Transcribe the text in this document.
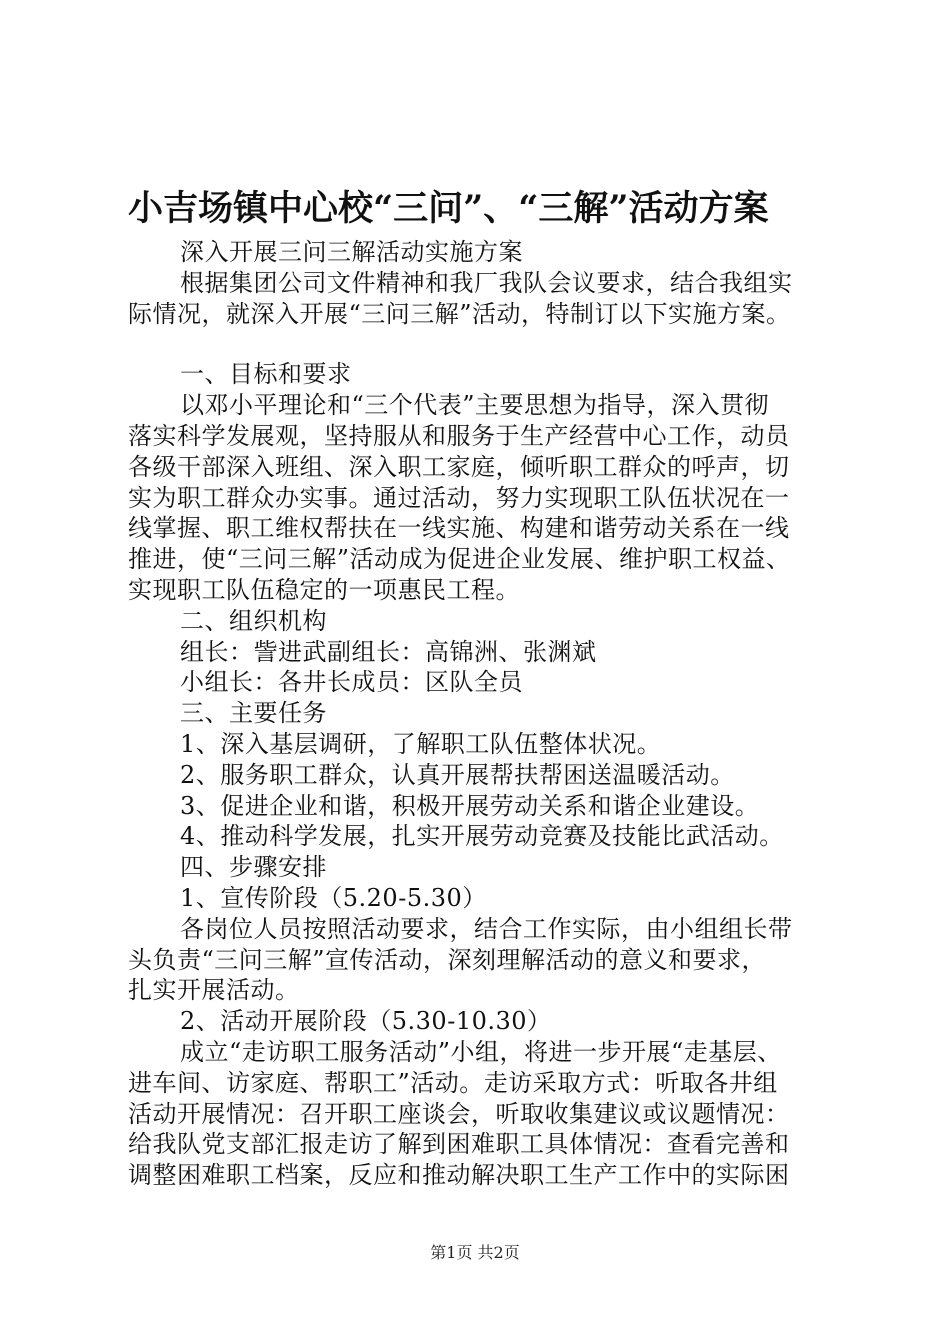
小吉场镇中心校“三问”、“三解”活动方案
深入开展三问三解活动实施方案
根据集团公司文件精神和我厂我队会议要求，结合我组实
际情况，就深入开展“三问三解”活动，特制订以下实施方案。
一、目标和要求
以邓小平理论和“三个代表”主要思想为指导，深入贯彻
落实科学发展观，坚持服从和服务于生产经营中心工作，动员
各级干部深入班组、深入职工家庭，倾听职工群众的呼声，切
实为职工群众办实事。通过活动，努力实现职工队伍状况在一
线掌握、职工维权帮扶在一线实施、构建和谐劳动关系在一线
推进，使“三问三解”活动成为促进企业发展、维护职工权益、
实现职工队伍稳定的一项惠民工程。
二、组织机构
组长：訾进武副组长：高锦洲、张渊斌
小组长：各井长成员：区队全员
三、主要任务
1、深入基层调研，了解职工队伍整体状况。
2、服务职工群众，认真开展帮扶帮困送温暖活动。
3、促进企业和谐，积极开展劳动关系和谐企业建设。
4、推动科学发展，扎实开展劳动竞赛及技能比武活动。
四、步骤安排
1、宣传阶段（5.20-5.30）
各岗位人员按照活动要求，结合工作实际，由小组组长带
头负责“三问三解”宣传活动，深刻理解活动的意义和要求，
扎实开展活动。
2、活动开展阶段（5.30-10.30）
成立“走访职工服务活动”小组，将进一步开展“走基层、
进车间、访家庭、帮职工”活动。走访采取方式：听取各井组
活动开展情况：召开职工座谈会，听取收集建议或议题情况：
给我队党支部汇报走访了解到困难职工具体情况：查看完善和
调整困难职工档案，反应和推动解决职工生产工作中的实际困
第1页 共2页
